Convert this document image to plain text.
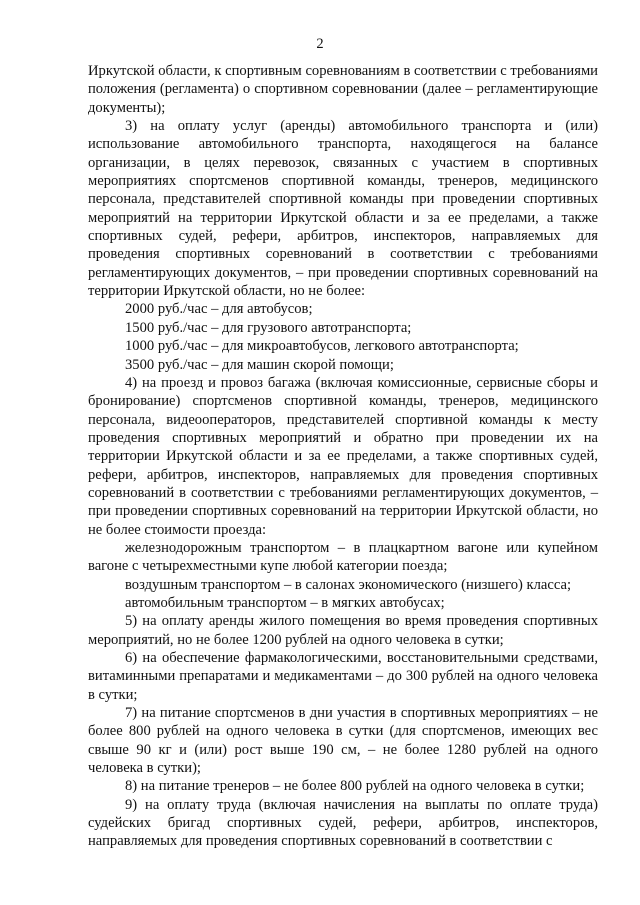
2

Иркутской области, к спортивным соревнованиям в соответствии с требованиями положения (регламента) о спортивном соревновании (далее – регламентирующие документы);

3) на оплату услуг (аренды) автомобильного транспорта и (или) использование автомобильного транспорта, находящегося на балансе организации, в целях перевозок, связанных с участием в спортивных мероприятиях спортсменов спортивной команды, тренеров, медицинского персонала, представителей спортивной команды при проведении спортивных мероприятий на территории Иркутской области и за ее пределами, а также спортивных судей, рефери, арбитров, инспекторов, направляемых для проведения спортивных соревнований в соответствии с требованиями регламентирующих документов, – при проведении спортивных соревнований на территории Иркутской области, но не более:

2000 руб./час – для автобусов;

1500 руб./час – для грузового автотранспорта;

1000 руб./час – для микроавтобусов, легкового автотранспорта;

3500 руб./час – для машин скорой помощи;

4) на проезд и провоз багажа (включая комиссионные, сервисные сборы и бронирование) спортсменов спортивной команды, тренеров, медицинского персонала, видеооператоров, представителей спортивной команды к месту проведения спортивных мероприятий и обратно при проведении их на территории Иркутской области и за ее пределами, а также спортивных судей, рефери, арбитров, инспекторов, направляемых для проведения спортивных соревнований в соответствии с требованиями регламентирующих документов, – при проведении спортивных соревнований на территории Иркутской области, но не более стоимости проезда:

железнодорожным транспортом – в плацкартном вагоне или купейном вагоне с четырехместными купе любой категории поезда;

воздушным транспортом – в салонах экономического (низшего) класса;

автомобильным транспортом – в мягких автобусах;

5) на оплату аренды жилого помещения во время проведения спортивных мероприятий, но не более 1200 рублей на одного человека в сутки;

6) на обеспечение фармакологическими, восстановительными средствами, витаминными препаратами и медикаментами – до 300 рублей на одного человека в сутки;

7) на питание спортсменов в дни участия в спортивных мероприятиях – не более 800 рублей на одного человека в сутки (для спортсменов, имеющих вес свыше 90 кг и (или) рост выше 190 см, – не более 1280 рублей на одного человека в сутки);

8) на питание тренеров – не более 800 рублей на одного человека в сутки;

9) на оплату труда (включая начисления на выплаты по оплате труда) судейских бригад спортивных судей, рефери, арбитров, инспекторов, направляемых для проведения спортивных соревнований в соответствии с
